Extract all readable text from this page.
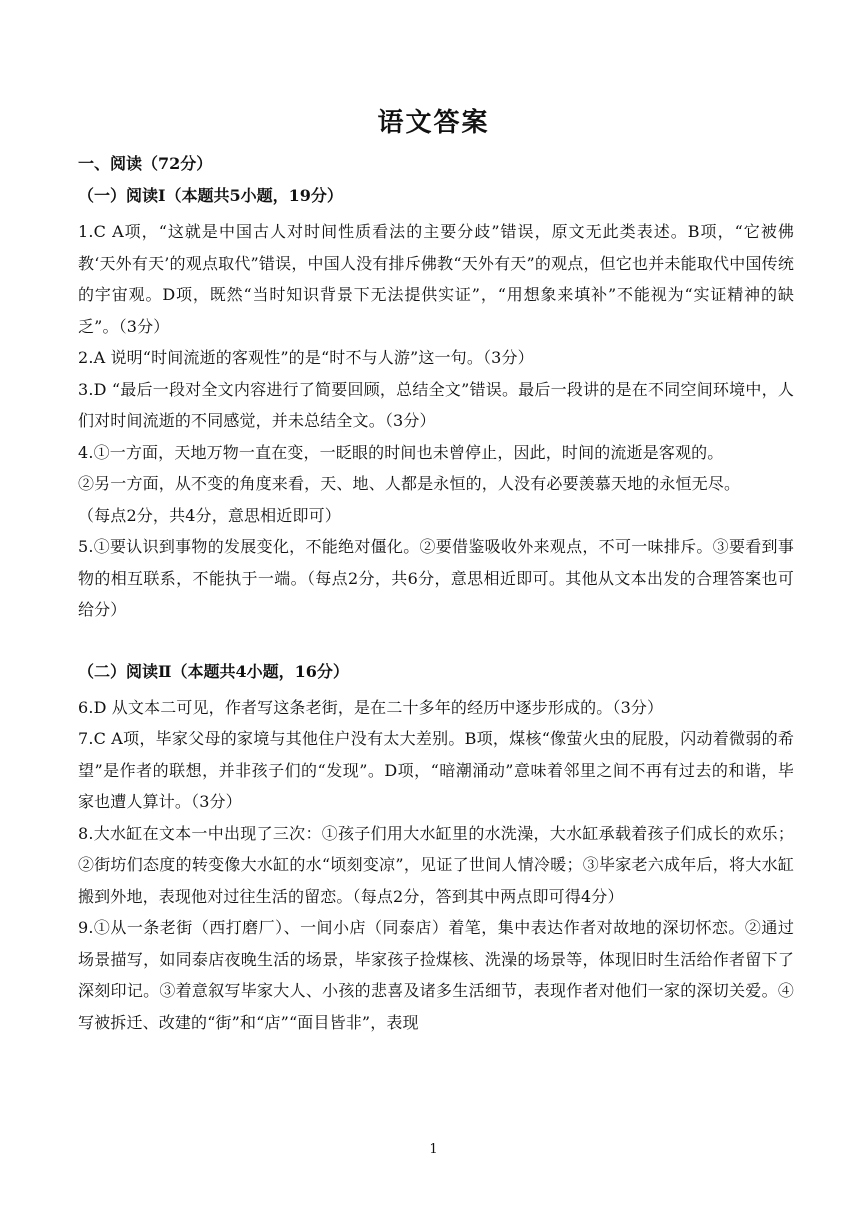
语文答案

一、阅读（72分）

（一）阅读Ⅰ（本题共5小题，19分）

1.C A项，“这就是中国古人对时间性质看法的主要分歧”错误，原文无此类表述。B项，“它被佛教‘天外有天’的观点取代”错误，中国人没有排斥佛教“天外有天”的观点，但它也并未能取代中国传统的宇宙观。D项，既然“当时知识背景下无法提供实证”，“用想象来填补”不能视为“实证精神的缺乏”。（3分）

2.A 说明“时间流逝的客观性”的是“时不与人游”这一句。（3分）

3.D “最后一段对全文内容进行了简要回顾，总结全文”错误。最后一段讲的是在不同空间环境中，人们对时间流逝的不同感觉，并未总结全文。（3分）

4.①一方面，天地万物一直在变，一眨眼的时间也未曾停止，因此，时间的流逝是客观的。

②另一方面，从不变的角度来看，天、地、人都是永恒的，人没有必要羡慕天地的永恒无尽。

（每点2分，共4分，意思相近即可）

5.①要认识到事物的发展变化，不能绝对僵化。②要借鉴吸收外来观点，不可一味排斥。③要看到事物的相互联系，不能执于一端。（每点2分，共6分，意思相近即可。其他从文本出发的合理答案也可给分）

（二）阅读Ⅱ（本题共4小题，16分）

6.D 从文本二可见，作者写这条老街，是在二十多年的经历中逐步形成的。（3分）

7.C A项，毕家父母的家境与其他住户没有太大差别。B项，煤核“像萤火虫的屁股，闪动着微弱的希望”是作者的联想，并非孩子们的“发现”。D项，“暗潮涌动”意味着邻里之间不再有过去的和谐，毕家也遭人算计。（3分）

8.大水缸在文本一中出现了三次：①孩子们用大水缸里的水洗澡，大水缸承载着孩子们成长的欢乐；②街坊们态度的转变像大水缸的水“顷刻变凉”，见证了世间人情冷暖；③毕家老六成年后，将大水缸搬到外地，表现他对过往生活的留恋。（每点2分，答到其中两点即可得4分）

9.①从一条老街（西打磨厂）、一间小店（同泰店）着笔，集中表达作者对故地的深切怀恋。②通过场景描写，如同泰店夜晚生活的场景，毕家孩子捡煤核、洗澡的场景等，体现旧时生活给作者留下了深刻印记。③着意叙写毕家大人、小孩的悲喜及诸多生活细节，表现作者对他们一家的深切关爱。④写被拆迁、改建的“街”和“店”“面目皆非”，表现

1
